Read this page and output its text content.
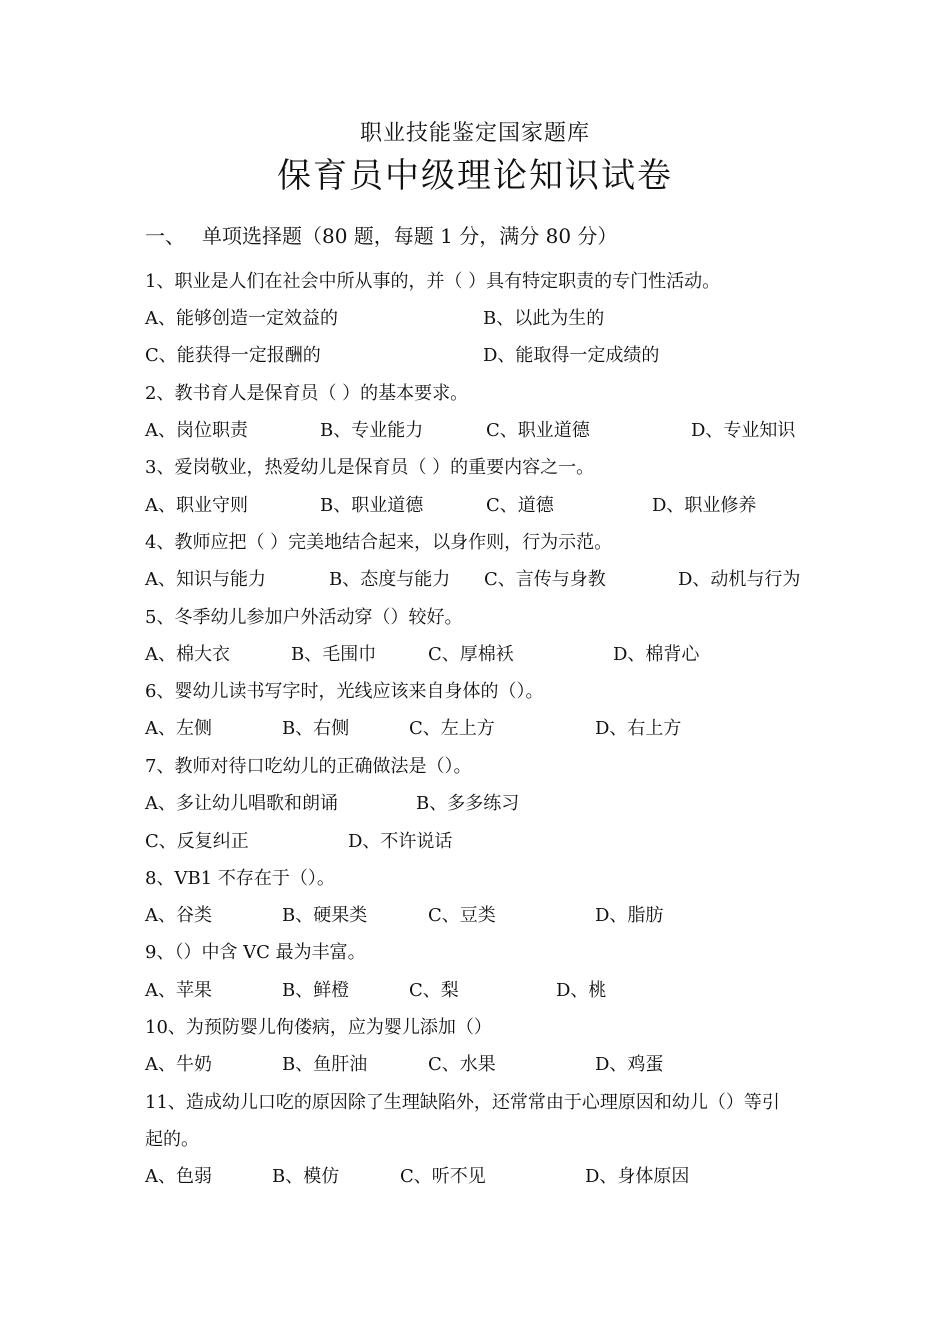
职业技能鉴定国家题库
保育员中级理论知识试卷
一、 单项选择题（80 题，每题 1 分，满分 80 分）
1、职业是人们在社会中所从事的，并（ ）具有特定职责的专门性活动。
A、能够创造一定效益的	B、以此为生的
C、能获得一定报酬的	D、能取得一定成绩的
2、教书育人是保育员（ ）的基本要求。
A、岗位职责	B、专业能力	C、职业道德	D、专业知识
3、爱岗敬业，热爱幼儿是保育员（ ）的重要内容之一。
A、职业守则	B、职业道德	C、道德	D、职业修养
4、教师应把（ ）完美地结合起来，以身作则，行为示范。
A、知识与能力	B、态度与能力 C、言传与身教	D、动机与行为
5、冬季幼儿参加户外活动穿（）较好。
A、棉大衣	B、毛围巾	C、厚棉袄	D、棉背心
6、婴幼儿读书写字时，光线应该来自身体的（）。
A、左侧	B、右侧	C、左上方	D、右上方
7、教师对待口吃幼儿的正确做法是（）。
A、多让幼儿唱歌和朗诵	B、多多练习
C、反复纠正	D、不许说话
8、VB1 不存在于（）。
A、谷类	B、硬果类	C、豆类	D、脂肪
9、（）中含 VC 最为丰富。
A、苹果	B、鲜橙	C、梨	D、桃
10、为预防婴儿佝偻病，应为婴儿添加（）
A、牛奶	B、鱼肝油	C、水果	D、鸡蛋
11、造成幼儿口吃的原因除了生理缺陷外，还常常由于心理原因和幼儿（）等引
起的。
A、色弱	B、模仿	C、听不见	D、身体原因
